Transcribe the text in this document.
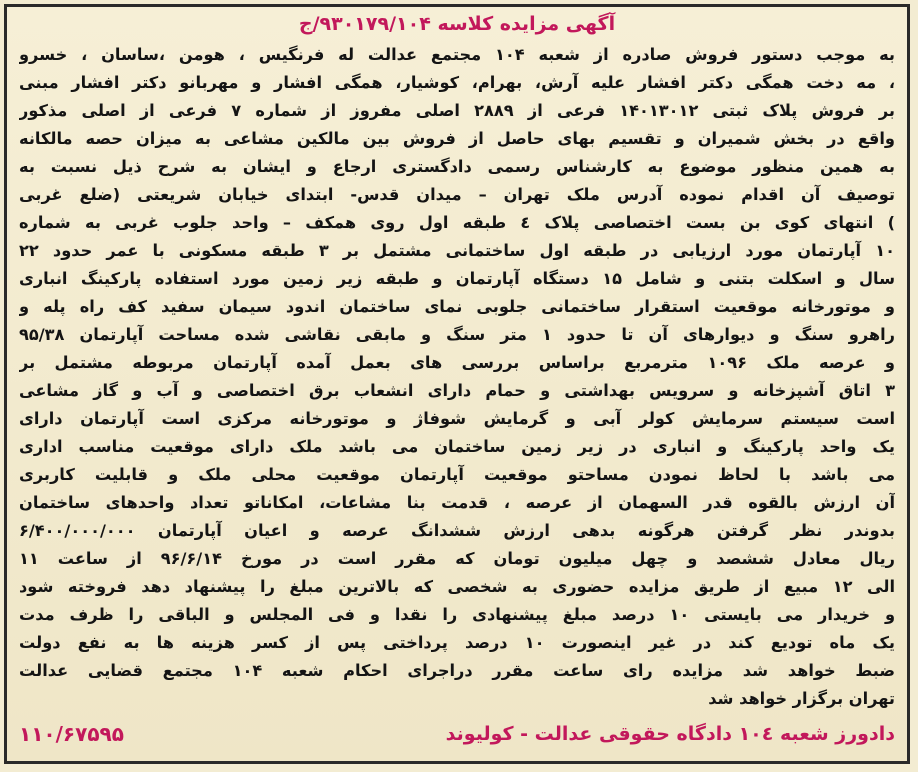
آگهی مزایده کلاسه ۹۳۰۱۷۹/۱۰۴/ج
به موجب دستور فروش صادره از شعبه ۱۰۴ مجتمع عدالت له فرنگیس ، هومن ،ساسان ، خسرو
، مه دخت همگی دکتر افشار علیه آرش، بهرام، کوشیار، همگی افشار و مهربانو دکتر افشار مبنی
بر فروش پلاک ثبتی ۱۴۰۱۳۰۱۲ فرعی از ۲۸۸۹ اصلی مفروز از شماره ۷ فرعی از اصلی مذکور
واقع در بخش شمیران و تقسیم بهای حاصل از فروش بین مالکین مشاعی به میزان حصه مالکانه
به همین منظور موضوع به کارشناس رسمی دادگستری ارجاع و ایشان به شرح ذیل نسبت به
توصیف آن اقدام نموده آدرس ملک تهران – میدان قدس- ابتدای خیابان شریعتی (ضلع غربی
) انتهای کوی بن بست اختصاصی پلاک ٤ طبقه اول روی همکف – واحد جلوب غربی به شماره
۱۰ آپارتمان مورد ارزیابی در طبقه اول ساختمانی مشتمل بر ۳ طبقه مسکونی با عمر حدود ۲۲
سال و اسکلت بتنی و شامل ۱۵ دستگاه آپارتمان و طبقه زیر زمین مورد استفاده پارکینگ انباری
و موتورخانه موقعیت استقرار ساختمانی جلوبی نمای ساختمان اندود سیمان سفید کف راه پله و
راهرو سنگ و دیوارهای آن تا حدود ۱ متر سنگ و مابقی نقاشی شده مساحت آپارتمان ۹۵/۳۸
و عرصه ملک ۱۰۹۶ مترمربع براساس بررسی های بعمل آمده آپارتمان مربوطه مشتمل بر
۳ اتاق آشپزخانه و سرویس بهداشتی و حمام دارای انشعاب برق اختصاصی و آب و گاز مشاعی
است سیستم سرمایش کولر آبی و گرمایش شوفاژ و موتورخانه مرکزی است آپارتمان دارای
یک واحد پارکینگ و انباری در زیر زمین ساختمان می باشد ملک دارای موقعیت مناسب اداری
می باشد با لحاظ نمودن مساحتو موقعیت آپارتمان موقعیت محلی ملک و قابلیت کاربری
آن ارزش بالقوه قدر السهمان از عرصه ، قدمت بنا مشاعات، امکاناتو تعداد واحدهای ساختمان
بدوندر نظر گرفتن هرگونه بدهی ارزش ششدانگ عرصه و اعیان آپارتمان ۶/۴۰۰/۰۰۰/۰۰۰
ریال معادل ششصد و چهل میلیون تومان که مقرر است در مورخ ۹۶/۶/۱۴ از ساعت ۱۱
الی ۱۲ مبیع از طریق مزایده حضوری به شخصی که بالاترین مبلغ را پیشنهاد دهد فروخته شود
و خریدار می بایستی ۱۰ درصد مبلغ پیشنهادی را نقدا و فی المجلس و الباقی را ظرف مدت
یک ماه تودیع کند در غیر اینصورت ۱۰ درصد پرداختی پس از کسر هزینه ها به نفع دولت
ضبط خواهد شد مزایده رای ساعت مقرر دراجرای احکام شعبه ۱۰۴ مجتمع قضایی عدالت
تهران برگزار خواهد شد
دادورز شعبه ۱۰٤ دادگاه حقوقی عدالت - کولیوند
۱۱۰/۶۷۵۹۵
